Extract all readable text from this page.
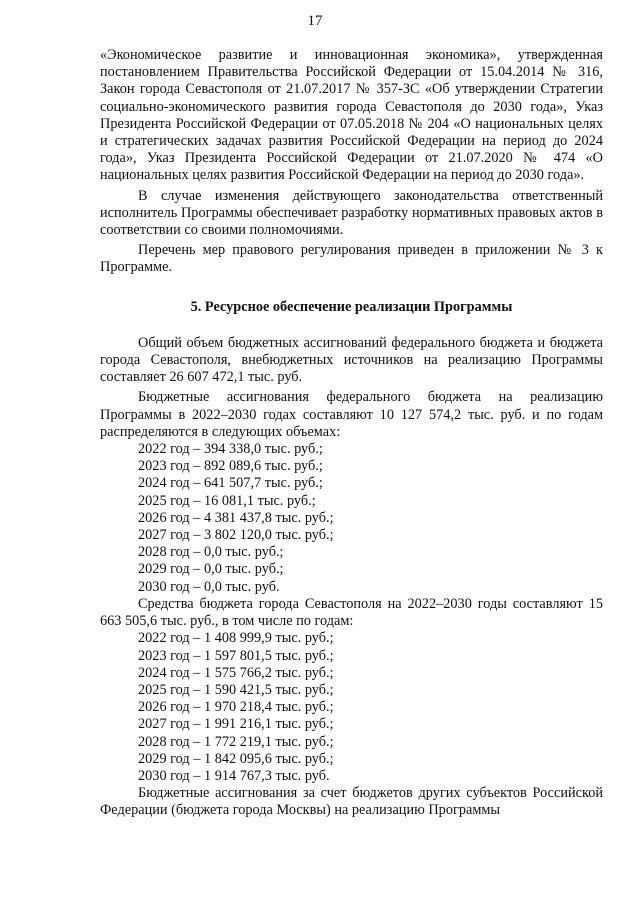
17

«Экономическое развитие и инновационная экономика», утвержденная постановлением Правительства Российской Федерации от 15.04.2014 № 316, Закон города Севастополя от 21.07.2017 № 357-ЗС «Об утверждении Стратегии социально-экономического развития города Севастополя до 2030 года», Указ Президента Российской Федерации от 07.05.2018 № 204 «О национальных целях и стратегических задачах развития Российской Федерации на период до 2024 года», Указ Президента Российской Федерации от 21.07.2020 № 474 «О национальных целях развития Российской Федерации на период до 2030 года».

В случае изменения действующего законодательства ответственный исполнитель Программы обеспечивает разработку нормативных правовых актов в соответствии со своими полномочиями.

Перечень мер правового регулирования приведен в приложении № 3 к Программе.

5. Ресурсное обеспечение реализации Программы

Общий объем бюджетных ассигнований федерального бюджета и бюджета города Севастополя, внебюджетных источников на реализацию Программы составляет 26 607 472,1 тыс. руб.

Бюджетные ассигнования федерального бюджета на реализацию Программы в 2022–2030 годах составляют 10 127 574,2 тыс. руб. и по годам распределяются в следующих объемах:

2022 год – 394 338,0 тыс. руб.;
2023 год – 892 089,6 тыс. руб.;
2024 год – 641 507,7 тыс. руб.;
2025 год – 16 081,1 тыс. руб.;
2026 год – 4 381 437,8 тыс. руб.;
2027 год – 3 802 120,0 тыс. руб.;
2028 год – 0,0 тыс. руб.;
2029 год – 0,0 тыс. руб.;
2030 год – 0,0 тыс. руб.

Средства бюджета города Севастополя на 2022–2030 годы составляют 15 663 505,6 тыс. руб., в том числе по годам:

2022 год – 1 408 999,9 тыс. руб.;
2023 год – 1 597 801,5 тыс. руб.;
2024 год – 1 575 766,2 тыс. руб.;
2025 год – 1 590 421,5 тыс. руб.;
2026 год – 1 970 218,4 тыс. руб.;
2027 год – 1 991 216,1 тыс. руб.;
2028 год – 1 772 219,1 тыс. руб.;
2029 год – 1 842 095,6 тыс. руб.;
2030 год – 1 914 767,3 тыс. руб.

Бюджетные ассигнования за счет бюджетов других субъектов Российской Федерации (бюджета города Москвы) на реализацию Программы
